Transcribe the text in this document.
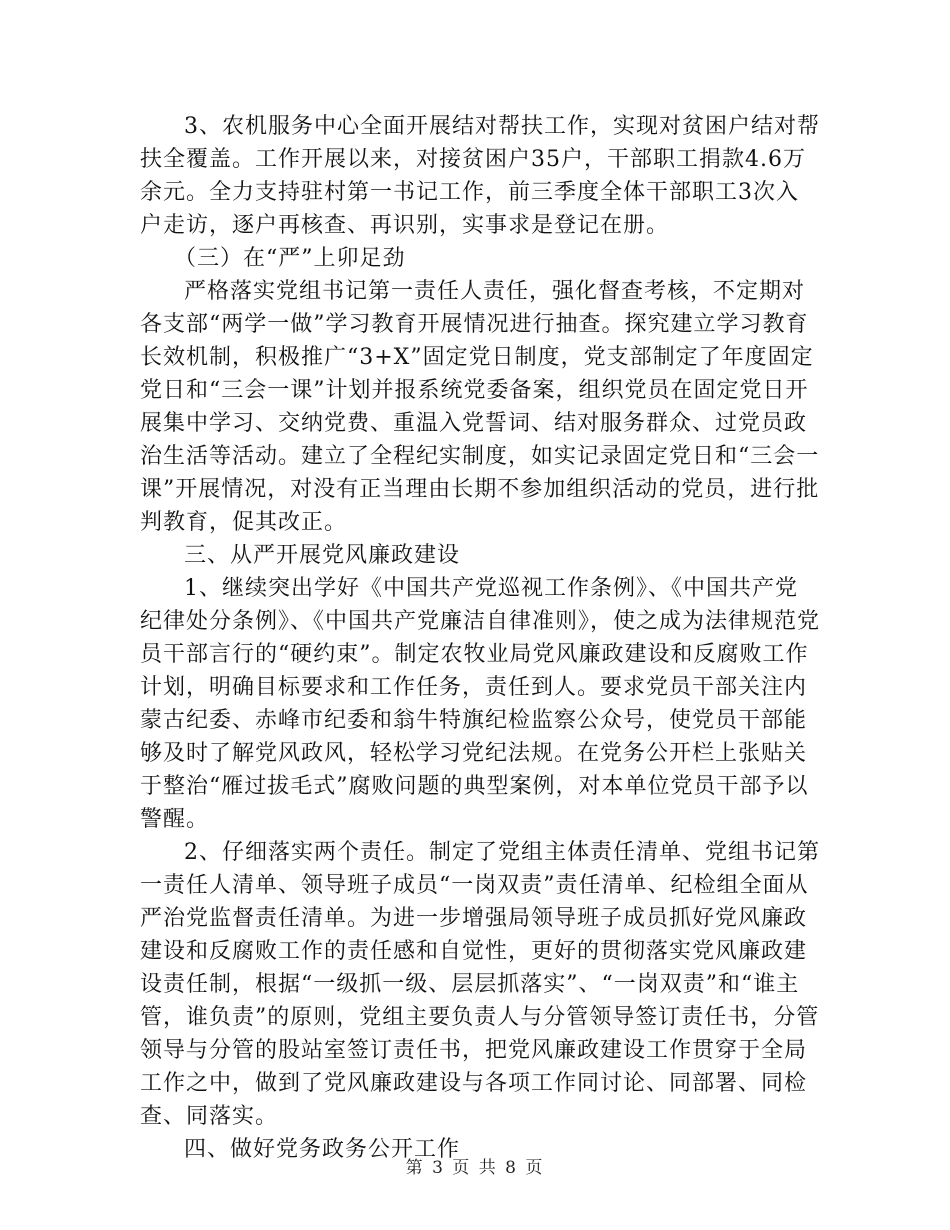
3、农机服务中心全面开展结对帮扶工作，实现对贫困户结对帮扶全覆盖。工作开展以来，对接贫困户35户，干部职工捐款4.6万余元。全力支持驻村第一书记工作，前三季度全体干部职工3次入户走访，逐户再核查、再识别，实事求是登记在册。

（三）在“严”上卯足劲

严格落实党组书记第一责任人责任，强化督查考核，不定期对各支部“两学一做”学习教育开展情况进行抽查。探究建立学习教育长效机制，积极推广“3+X”固定党日制度，党支部制定了年度固定党日和“三会一课”计划并报系统党委备案，组织党员在固定党日开展集中学习、交纳党费、重温入党誓词、结对服务群众、过党员政治生活等活动。建立了全程纪实制度，如实记录固定党日和“三会一课”开展情况，对没有正当理由长期不参加组织活动的党员，进行批判教育，促其改正。

三、从严开展党风廉政建设

1、继续突出学好《中国共产党巡视工作条例》、《中国共产党纪律处分条例》、《中国共产党廉洁自律准则》，使之成为法律规范党员干部言行的“硬约束”。制定农牧业局党风廉政建设和反腐败工作计划，明确目标要求和工作任务，责任到人。要求党员干部关注内蒙古纪委、赤峰市纪委和翁牛特旗纪检监察公众号，使党员干部能够及时了解党风政风，轻松学习党纪法规。在党务公开栏上张贴关于整治“雁过拔毛式”腐败问题的典型案例，对本单位党员干部予以警醒。

2、仔细落实两个责任。制定了党组主体责任清单、党组书记第一责任人清单、领导班子成员“一岗双责”责任清单、纪检组全面从严治党监督责任清单。为进一步增强局领导班子成员抓好党风廉政建设和反腐败工作的责任感和自觉性，更好的贯彻落实党风廉政建设责任制，根据“一级抓一级、层层抓落实”、“一岗双责”和“谁主管，谁负责”的原则，党组主要负责人与分管领导签订责任书，分管领导与分管的股站室签订责任书，把党风廉政建设工作贯穿于全局工作之中，做到了党风廉政建设与各项工作同讨论、同部署、同检查、同落实。

四、做好党务政务公开工作

第 3 页 共 8 页
